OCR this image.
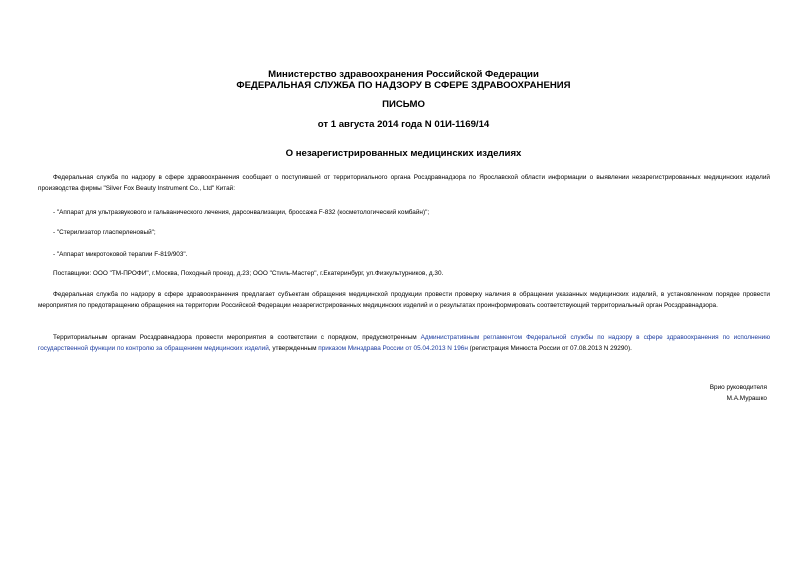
Министерство здравоохранения Российской Федерации
ФЕДЕРАЛЬНАЯ СЛУЖБА ПО НАДЗОРУ В СФЕРЕ ЗДРАВООХРАНЕНИЯ
ПИСЬМО
от 1 августа 2014 года N 01И-1169/14
О незарегистрированных медицинских изделиях

Федеральная служба по надзору в сфере здравоохранения сообщает о поступившей от территориального органа Росздравнадзора по Ярославской области информации о выявлении незарегистрированных медицинских изделий производства фирмы "Silver Fox Beauty Instrument Co., Ltd" Китай:

- "Аппарат для ультразвукового и гальванического лечения, дарсонвализации, броссажа F-832 (косметологический комбайн)";

- "Стерилизатор гласперленовый";

- "Аппарат микротоковой терапии F-819/903".

Поставщики: ООО "ТМ-ПРОФИ", г.Москва, Походный проезд, д.23; ООО "Стиль-Мастер", г.Екатеринбург, ул.Физкультурников, д.30.

Федеральная служба по надзору в сфере здравоохранения предлагает субъектам обращения медицинской продукции провести проверку наличия в обращении указанных медицинских изделий, в установленном порядке провести мероприятия по предотвращению обращения на территории Российской Федерации незарегистрированных медицинских изделий и о результатах проинформировать соответствующий территориальный орган Росздравнадзора.

Территориальным органам Росздравнадзора провести мероприятия в соответствии с порядком, предусмотренным Административным регламентом Федеральной службы по надзору в сфере здравоохранения по исполнению государственной функции по контролю за обращением медицинских изделий, утвержденным приказом Минздрава России от 05.04.2013 N 196н (регистрация Минюста России от 07.08.2013 N 29290).

Врио руководителя
М.А.Мурашко
